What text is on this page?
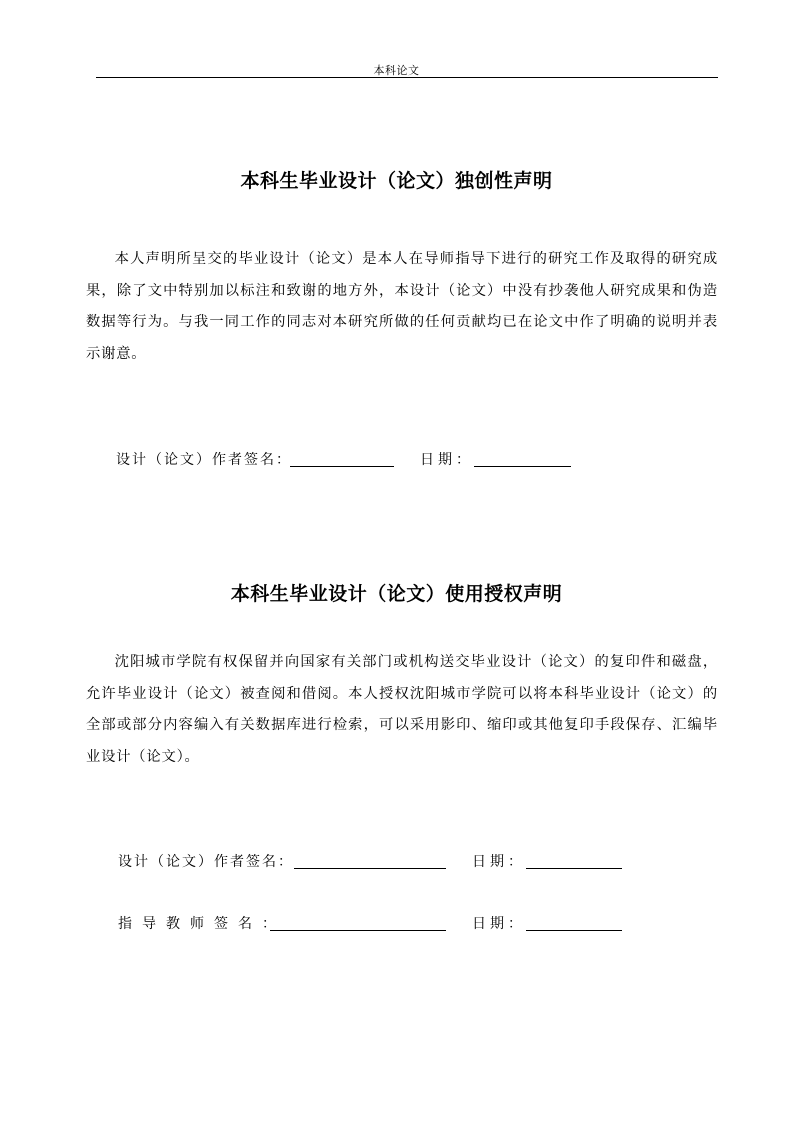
本科论文
本科生毕业设计（论文）独创性声明

本人声明所呈交的毕业设计（论文）是本人在导师指导下进行的研究工作及取得的研究成果，除了文中特别加以标注和致谢的地方外，本设计（论文）中没有抄袭他人研究成果和伪造数据等行为。与我一同工作的同志对本研究所做的任何贡献均已在论文中作了明确的说明并表示谢意。

设计（论文）作者签名：	日期：
本科生毕业设计（论文）使用授权声明

沈阳城市学院有权保留并向国家有关部门或机构送交毕业设计（论文）的复印件和磁盘，允许毕业设计（论文）被查阅和借阅。本人授权沈阳城市学院可以将本科毕业设计（论文）的全部或部分内容编入有关数据库进行检索，可以采用影印、缩印或其他复印手段保存、汇编毕业设计（论文）。

设计（论文）作者签名：	日期：
指导教师签名：	日期：
